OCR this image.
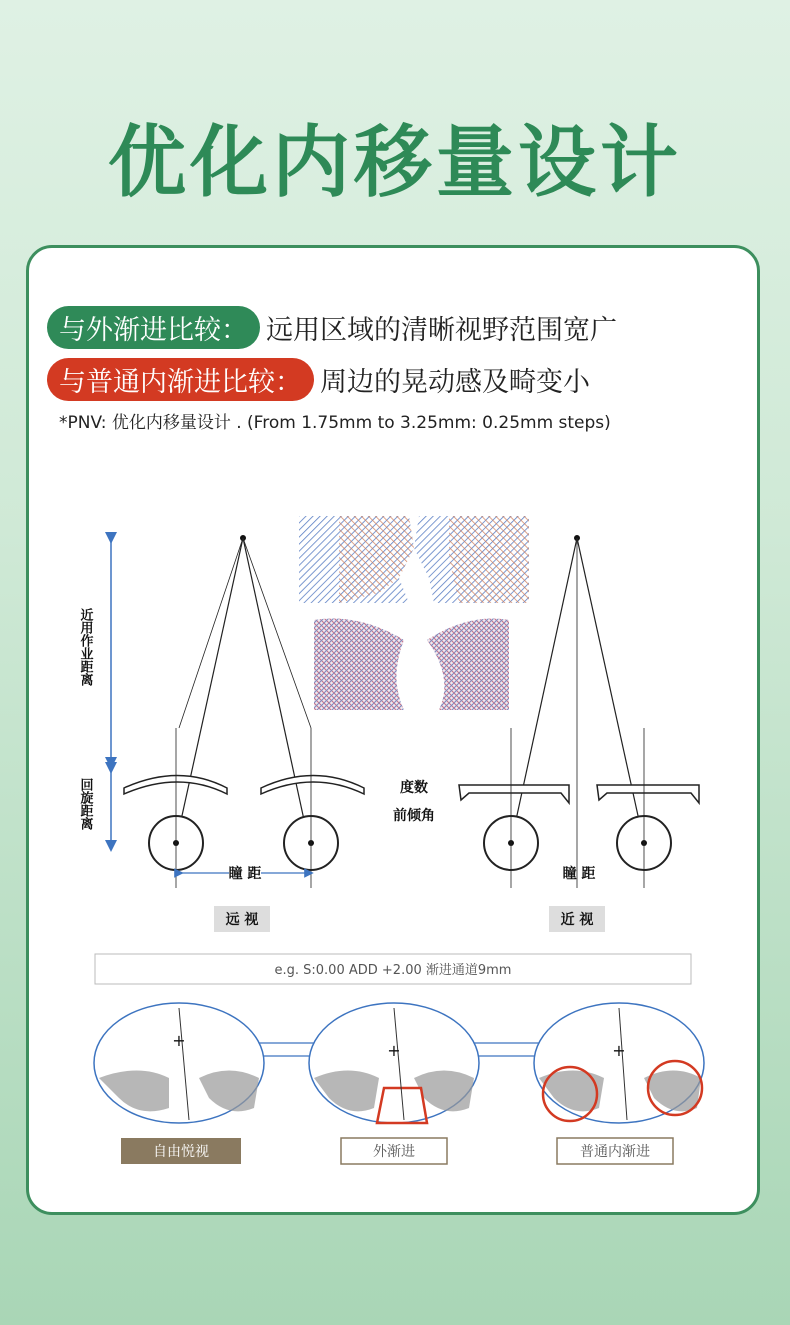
优化内移量设计
与外渐进比较： 远用区域的清晰视野范围宽广
与普通内渐进比较： 周边的晃动感及畸变小
*PNV: 优化内移量设计 . (From 1.75mm to 3.25mm: 0.25mm steps)
近用作业距离
回旋距离
瞳 距
远 视
度数
前倾角
瞳 距
近 视
e.g. S:0.00 ADD +2.00 渐进通道9mm
+
+	+
自由悦视	外渐进	普通内渐进
